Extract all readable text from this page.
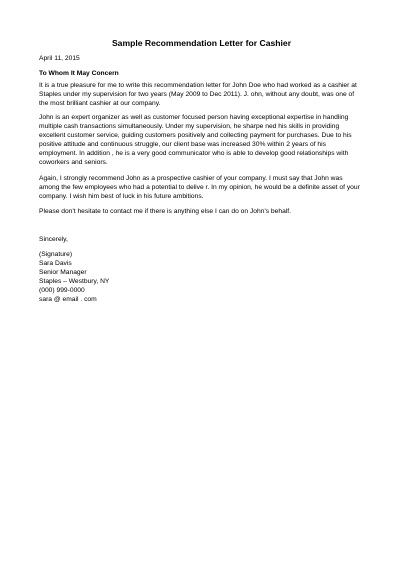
Sample Recommendation Letter for Cashier
April 11, 2015
To Whom It May Concern
It is a true pleasure for me to write this recommendation letter for John Doe who had worked as a cashier at
Staples under my supervision for two years (May 2009 to Dec 2011). J. ohn, without any doubt, was one of
the most brilliant cashier at our company.
John is an expert organizer as well as customer focused person having exceptional expertise in handling
multiple cash transactions simultaneously. Under my supervision, he sharpe ned his skills in providing
excellent customer service, guiding customers positively and collecting payment for purchases. Due to his
positive attitude and continuous struggle, our client base was increased 30% within 2 years of his
employment. In addition , he is a very good communicator who is able to develop good relationships with
coworkers and seniors.
Again, I strongly recommend John as a prospective cashier of your company. I must say that John was
among the few employees who had a potential to delive r. In my opinion, he would be a definite asset of your
company. I wish him best of luck in his future ambitions.
Please don't hesitate to contact me if there is anything else I can do on John's behalf.
Sincerely,
(Signature)
Sara Davis
Senior Manager
Staples – Westbury, NY
(000) 999-0000
sara @ email . com
